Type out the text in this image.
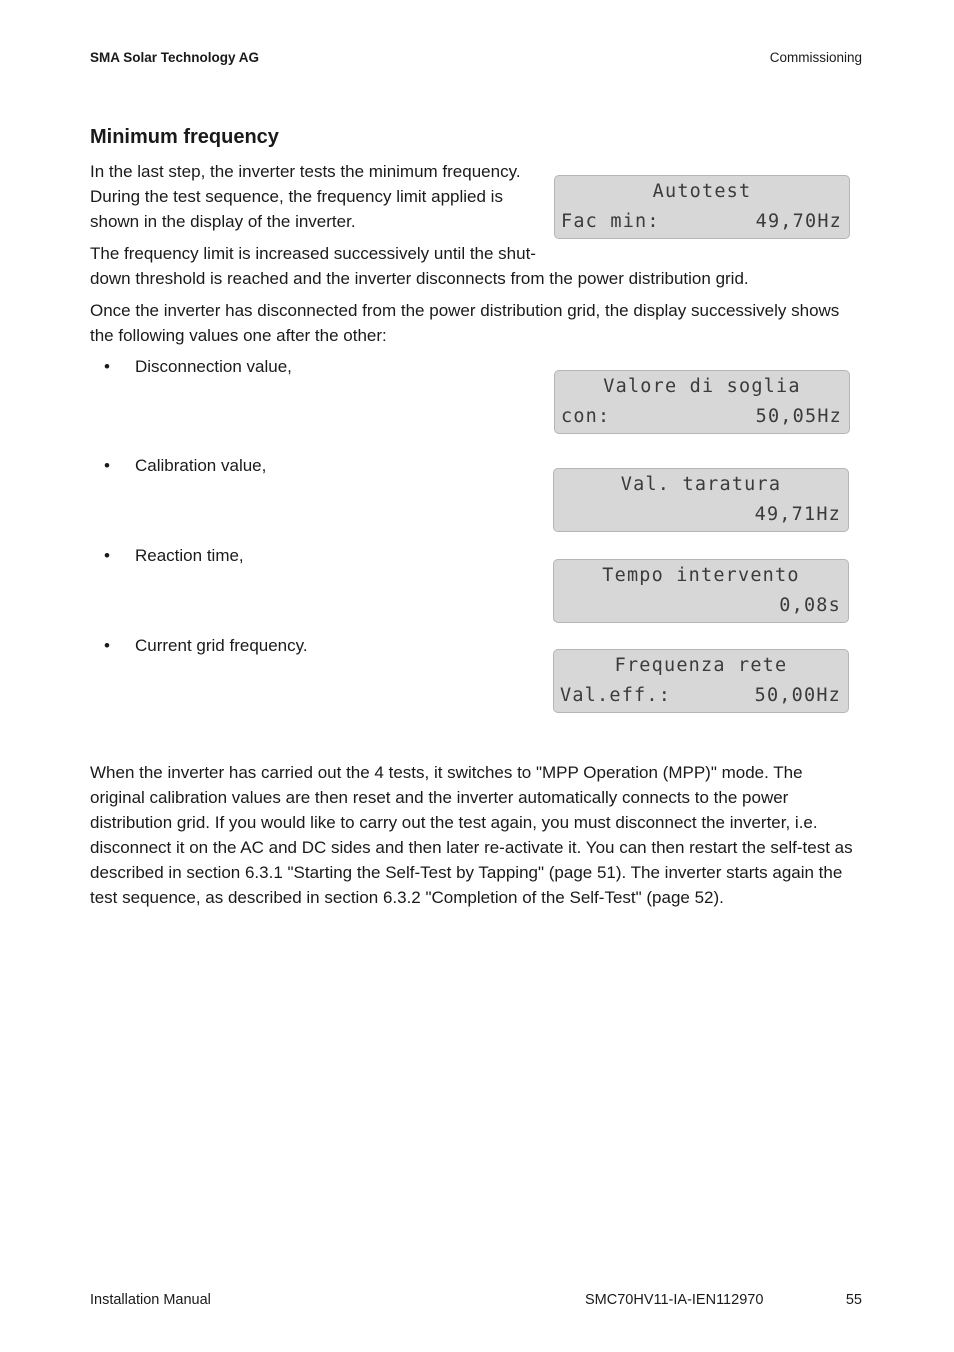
SMA Solar Technology AG	Commissioning
Minimum frequency

In the last step, the inverter tests the minimum frequency. During the test sequence, the frequency limit applied is shown in the display of the inverter.

The frequency limit is increased successively until the shut-

down threshold is reached and the inverter disconnects from the power distribution grid.

Once the inverter has disconnected from the power distribution grid, the display successively shows the following values one after the other:

• Disconnection value,
• Calibration value,
• Reaction time,
• Current grid frequency.
Autotest
Fac min:	49,70Hz
Valore di soglia
con:	50,05Hz
Val. taratura
49,71Hz
Tempo intervento
0,08s
Frequenza rete
Val.eff.:	50,00Hz

When the inverter has carried out the 4 tests, it switches to "MPP Operation (MPP)" mode. The original calibration values are then reset and the inverter automatically connects to the power distribution grid. If you would like to carry out the test again, you must disconnect the inverter, i.e. disconnect it on the AC and DC sides and then later re-activate it. You can then restart the self-test as described in section 6.3.1 "Starting the Self-Test by Tapping" (page 51). The inverter starts again the test sequence, as described in section 6.3.2 "Completion of the Self-Test" (page 52).

Installation Manual	SMC70HV11-IA-IEN112970	55
